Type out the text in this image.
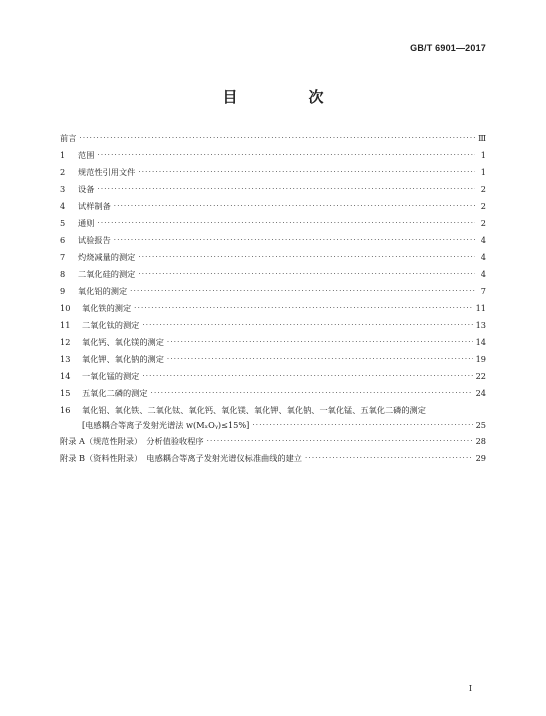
GB/T 6901—2017
目　次
前言 ·····	Ⅲ
1	范围 ·····	1
2	规范性引用文件 ·····	1
3	设备 ·····	2
4	试样制备 ·····	2
5	通则 ·····	2
6	试验报告 ·····	4
7	灼烧减量的测定 ·····	4
8	二氧化硅的测定 ·····	4
9	氧化铝的测定 ·····	7
10	氧化铁的测定 ·····	11
11	二氧化钛的测定 ·····	13
12	氧化钙、氧化镁的测定 ·····	14
13	氧化钾、氧化钠的测定 ·····	19
14	一氧化锰的测定 ·····	22
15	五氧化二磷的测定 ·····	24
16 氧化铝、氧化铁、二氧化钛、氧化钙、氧化镁、氧化钾、氧化钠、一氧化锰、五氧化二磷的测定
[电感耦合等离子发射光谱法 w(MₓOᵧ)≤15%] ·····	25
附录 A（规范性附录）　分析值验收程序 ·····	28
附录 B（资料性附录）　电感耦合等离子发射光谱仪标准曲线的建立 ·····	29
I
